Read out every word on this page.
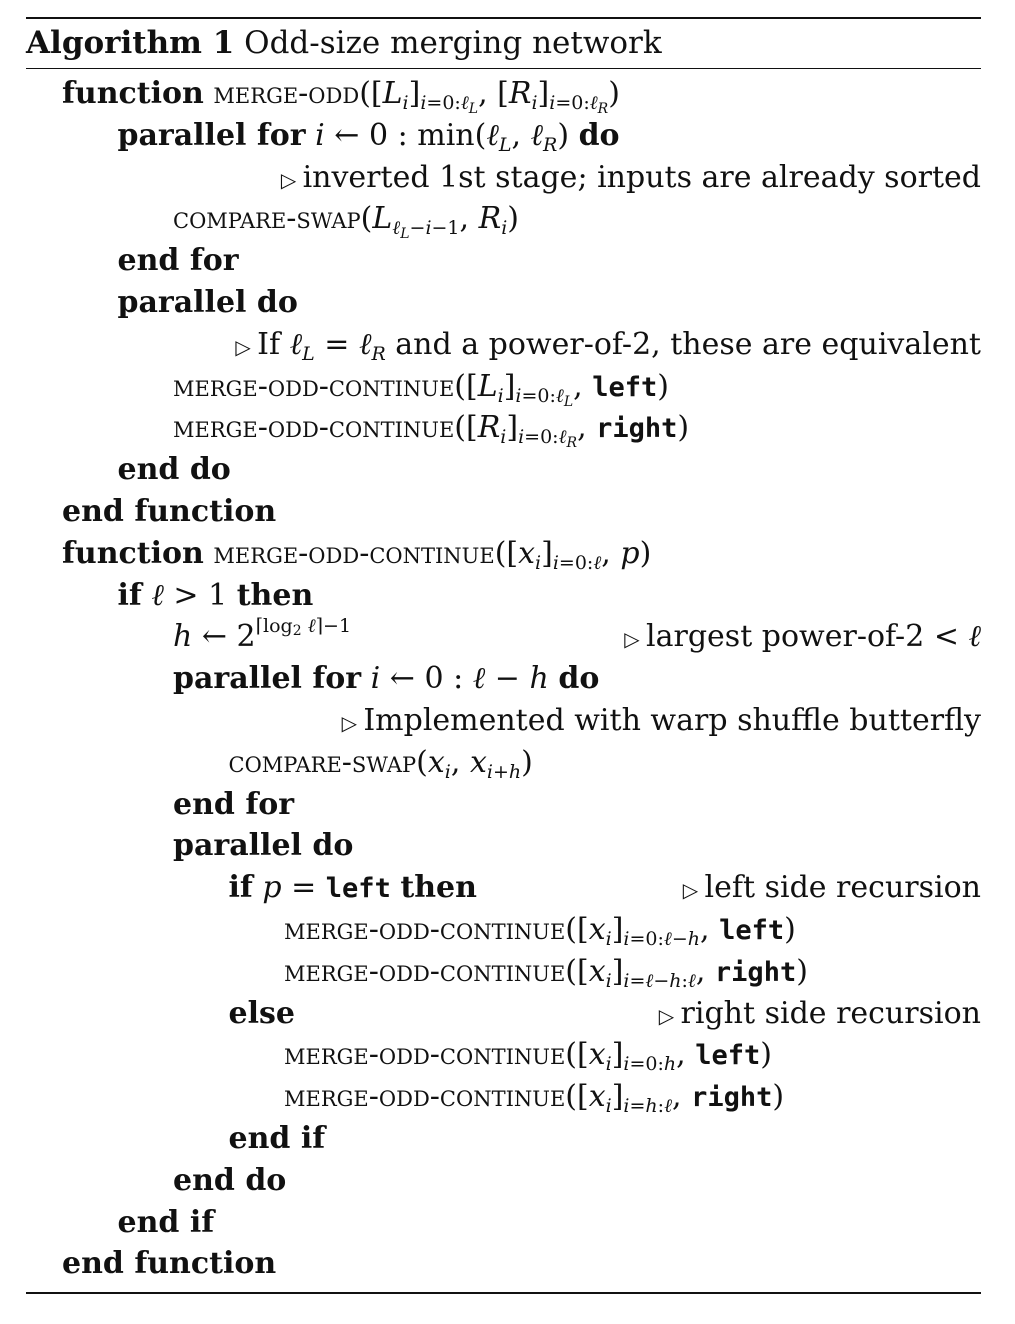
Algorithm 1 Odd-size merging network
function merge-$odd([L_i]_{i=0:\ell_L}$, $[R_i]_{i=0:\ell_R}$)
parallel for i ← 0 : min(ℓ$_L$, ℓ$_R$) do
▷ inverted 1st stage; inputs are already sorted
compare-$swap(L_{\ell_L-i-1}$, $R_i$)
end for
parallel do
▷ If ℓ$_L$ = ℓ$_R$ and a power-of-2, these are equivalent
merge-$odd-continue([L_i]_{i=0:\ell_L}$, left)
merge-$odd-continue([R_i]_{i=0:\ell_R}$, right)
end do
end function
function merge-$odd-continue([x_i]_{i=0:\ell}$, p)
if ℓ > 1 then
h ← $2^{⌈log_2 \ell⌉-1}$
▷ largest power-of-2 < ℓ
parallel for i ← 0 : ℓ − h do
▷ Implemented with warp shuffle butterfly
compare-$swap(x_i$, $x_{i+h}$)
end for
parallel do
if p = left then	▷ left side recursion
merge-$odd-continue([x_i]_{i=0:\ell-h}$, left)
merge-$odd-continue([x_i]_{i=\ell-h:\ell}$, right)
else	▷ right side recursion
merge-$odd-continue([x_i]_{i=0:h}$, left)
merge-$odd-continue([x_i]_{i=h:\ell}$, right)
end if
end do
end if
end function
